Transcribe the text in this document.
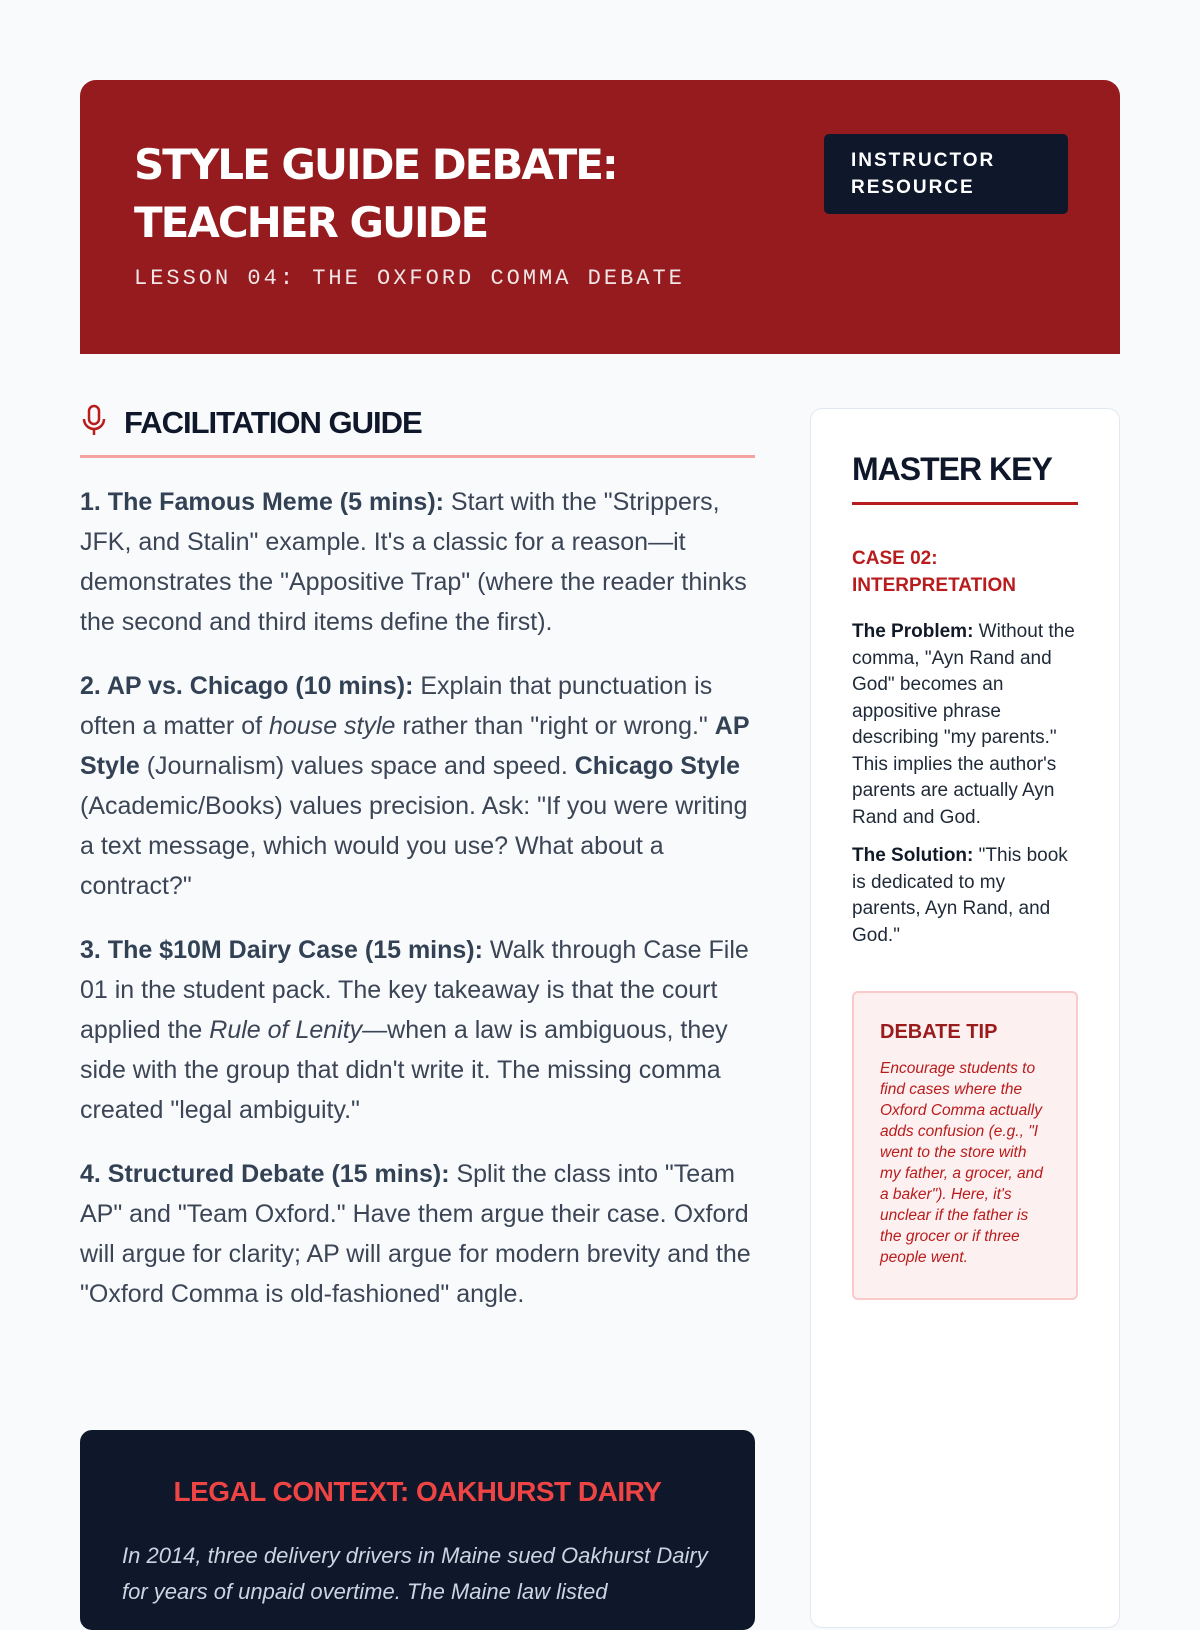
STYLE GUIDE DEBATE:
TEACHER GUIDE
LESSON 04: THE OXFORD COMMA DEBATE
INSTRUCTOR
RESOURCE
FACILITATION GUIDE

1. The Famous Meme (5 mins): Start with the "Strippers, JFK, and Stalin" example. It's a classic for a reason—it demonstrates the "Appositive Trap" (where the reader thinks the second and third items define the first).

2. AP vs. Chicago (10 mins): Explain that punctuation is often a matter of house style rather than "right or wrong." AP Style (Journalism) values space and speed. Chicago Style (Academic/Books) values precision. Ask: "If you were writing a text message, which would you use? What about a contract?"

3. The $10M Dairy Case (15 mins): Walk through Case File 01 in the student pack. The key takeaway is that the court applied the Rule of Lenity—when a law is ambiguous, they side with the group that didn't write it. The missing comma created "legal ambiguity."

4. Structured Debate (15 mins): Split the class into "Team AP" and "Team Oxford." Have them argue their case. Oxford will argue for clarity; AP will argue for modern brevity and the "Oxford Comma is old-fashioned" angle.

LEGAL CONTEXT: OAKHURST DAIRY

In 2014, three delivery drivers in Maine sued Oakhurst Dairy for years of unpaid overtime. The Maine law listed

MASTER KEY
CASE 02: INTERPRETATION

The Problem: Without the comma, "Ayn Rand and God" becomes an appositive phrase describing "my parents." This implies the author's parents are actually Ayn Rand and God.

The Solution: "This book is dedicated to my parents, Ayn Rand, and God."

DEBATE TIP

Encourage students to find cases where the Oxford Comma actually adds confusion (e.g., "I went to the store with my father, a grocer, and a baker"). Here, it's unclear if the father is the grocer or if three people went.
